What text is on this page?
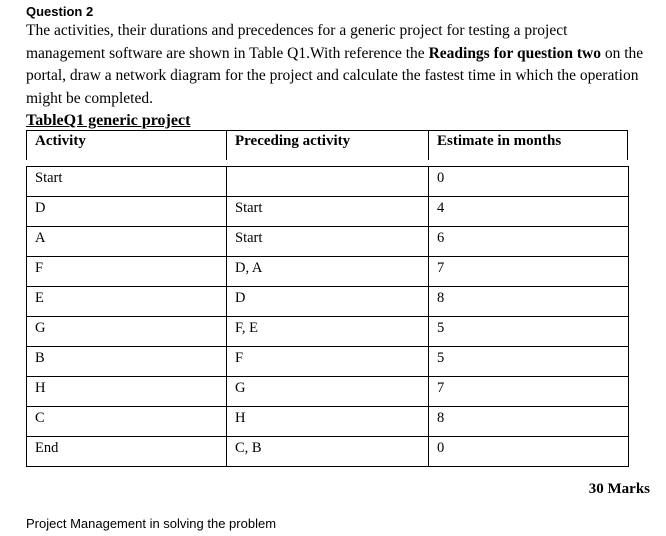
Question 2
The activities, their durations and precedences for a generic project for testing a project management software are shown in Table Q1.With reference the Readings for question two on the portal, draw a network diagram for the project and calculate the fastest time in which the operation might be completed.
TableQ1 generic project
Activity	Preceding activity	Estimate in months
Start		0
D	Start	4
A	Start	6
F	D, A	7
E	D	8
G	F, E	5
B	F	5
H	G	7
C	H	8
End	C, B	0
30 Marks
Project Management in solving the problem
